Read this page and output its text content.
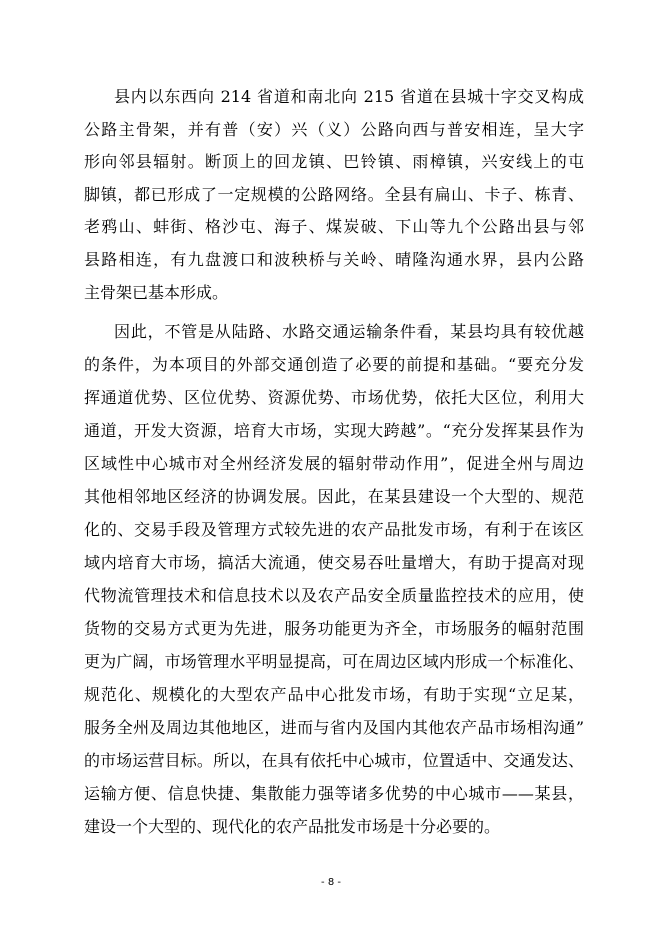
县内以东西向 214 省道和南北向 215 省道在县城十字交叉构成
公路主骨架，并有普（安）兴（义）公路向西与普安相连，呈大字
形向邻县辐射。断顶上的回龙镇、巴铃镇、雨樟镇，兴安线上的屯
脚镇，都已形成了一定规模的公路网络。全县有扁山、卡子、栋青、
老鸦山、蚌街、格沙屯、海子、煤炭破、下山等九个公路出县与邻
县路相连，有九盘渡口和波秧桥与关岭、晴隆沟通水界，县内公路
主骨架已基本形成。
因此，不管是从陆路、水路交通运输条件看，某县均具有较优越
的条件，为本项目的外部交通创造了必要的前提和基础。“要充分发
挥通道优势、区位优势、资源优势、市场优势，依托大区位，利用大
通道，开发大资源，培育大市场，实现大跨越”。“充分发挥某县作为
区域性中心城市对全州经济发展的辐射带动作用”，促进全州与周边
其他相邻地区经济的协调发展。因此，在某县建设一个大型的、规范
化的、交易手段及管理方式较先进的农产品批发市场，有利于在该区
域内培育大市场，搞活大流通，使交易吞吐量增大，有助于提高对现
代物流管理技术和信息技术以及农产品安全质量监控技术的应用，使
货物的交易方式更为先进，服务功能更为齐全，市场服务的幅射范围
更为广阔，市场管理水平明显提高，可在周边区域内形成一个标准化、
规范化、规模化的大型农产品中心批发市场，有助于实现“立足某，
服务全州及周边其他地区，进而与省内及国内其他农产品市场相沟通”
的市场运营目标。所以，在具有依托中心城市，位置适中、交通发达、
运输方便、信息快捷、集散能力强等诸多优势的中心城市——某县，
建设一个大型的、现代化的农产品批发市场是十分必要的。
- 8 -
